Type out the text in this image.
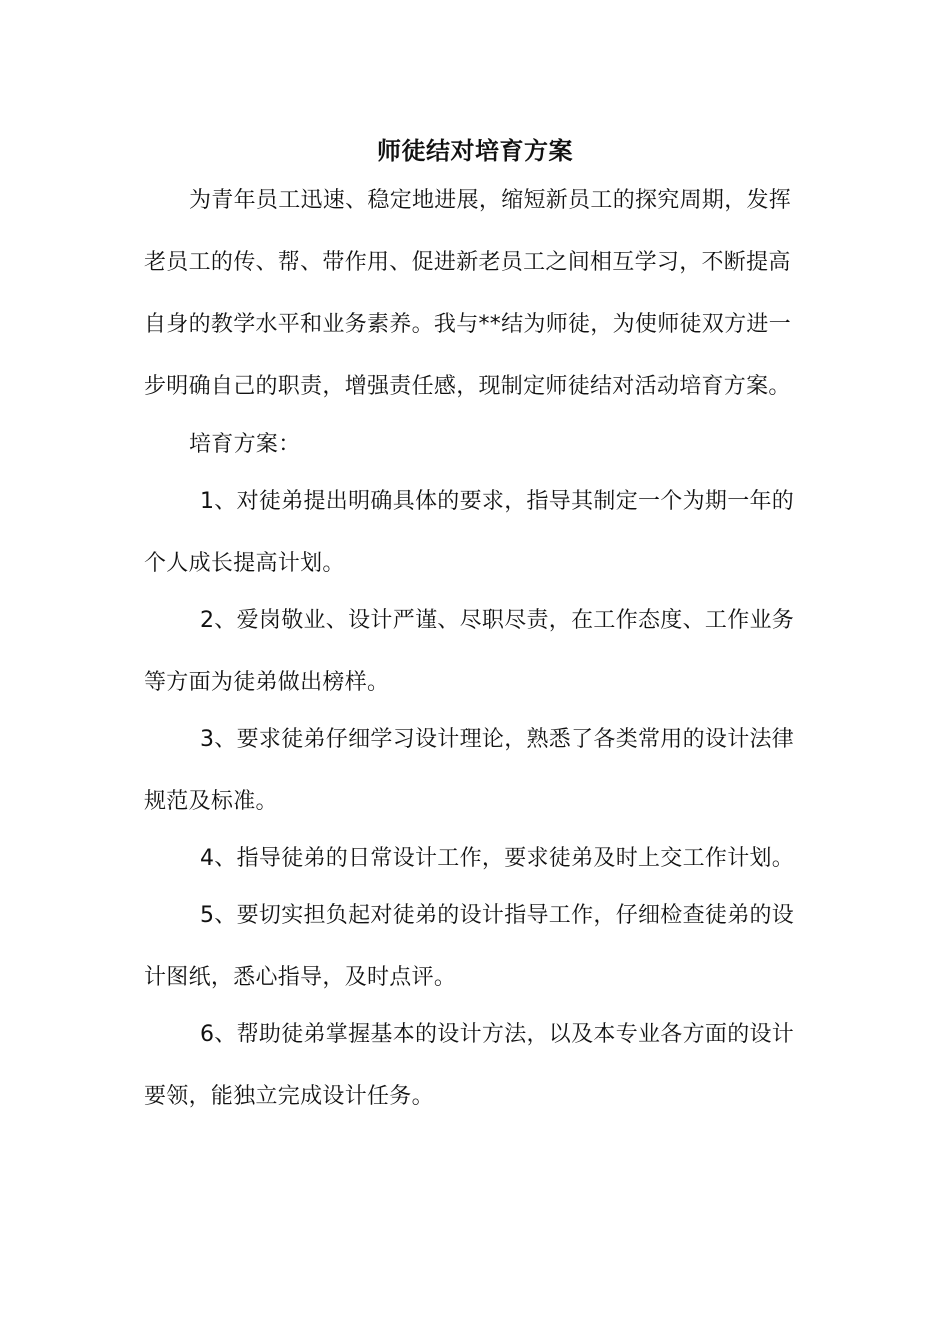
师徒结对培育方案
为青年员工迅速、稳定地进展，缩短新员工的探究周期，发挥
老员工的传、帮、带作用、促进新老员工之间相互学习，不断提高
自身的教学水平和业务素养。我与**结为师徒，为使师徒双方进一
步明确自己的职责，增强责任感，现制定师徒结对活动培育方案。
培育方案：
1、对徒弟提出明确具体的要求，指导其制定一个为期一年的
个人成长提高计划。
2、爱岗敬业、设计严谨、尽职尽责，在工作态度、工作业务
等方面为徒弟做出榜样。
3、要求徒弟仔细学习设计理论，熟悉了各类常用的设计法律
规范及标准。
4、指导徒弟的日常设计工作，要求徒弟及时上交工作计划。
5、要切实担负起对徒弟的设计指导工作，仔细检查徒弟的设
计图纸，悉心指导，及时点评。
6、帮助徒弟掌握基本的设计方法，以及本专业各方面的设计
要领，能独立完成设计任务。
